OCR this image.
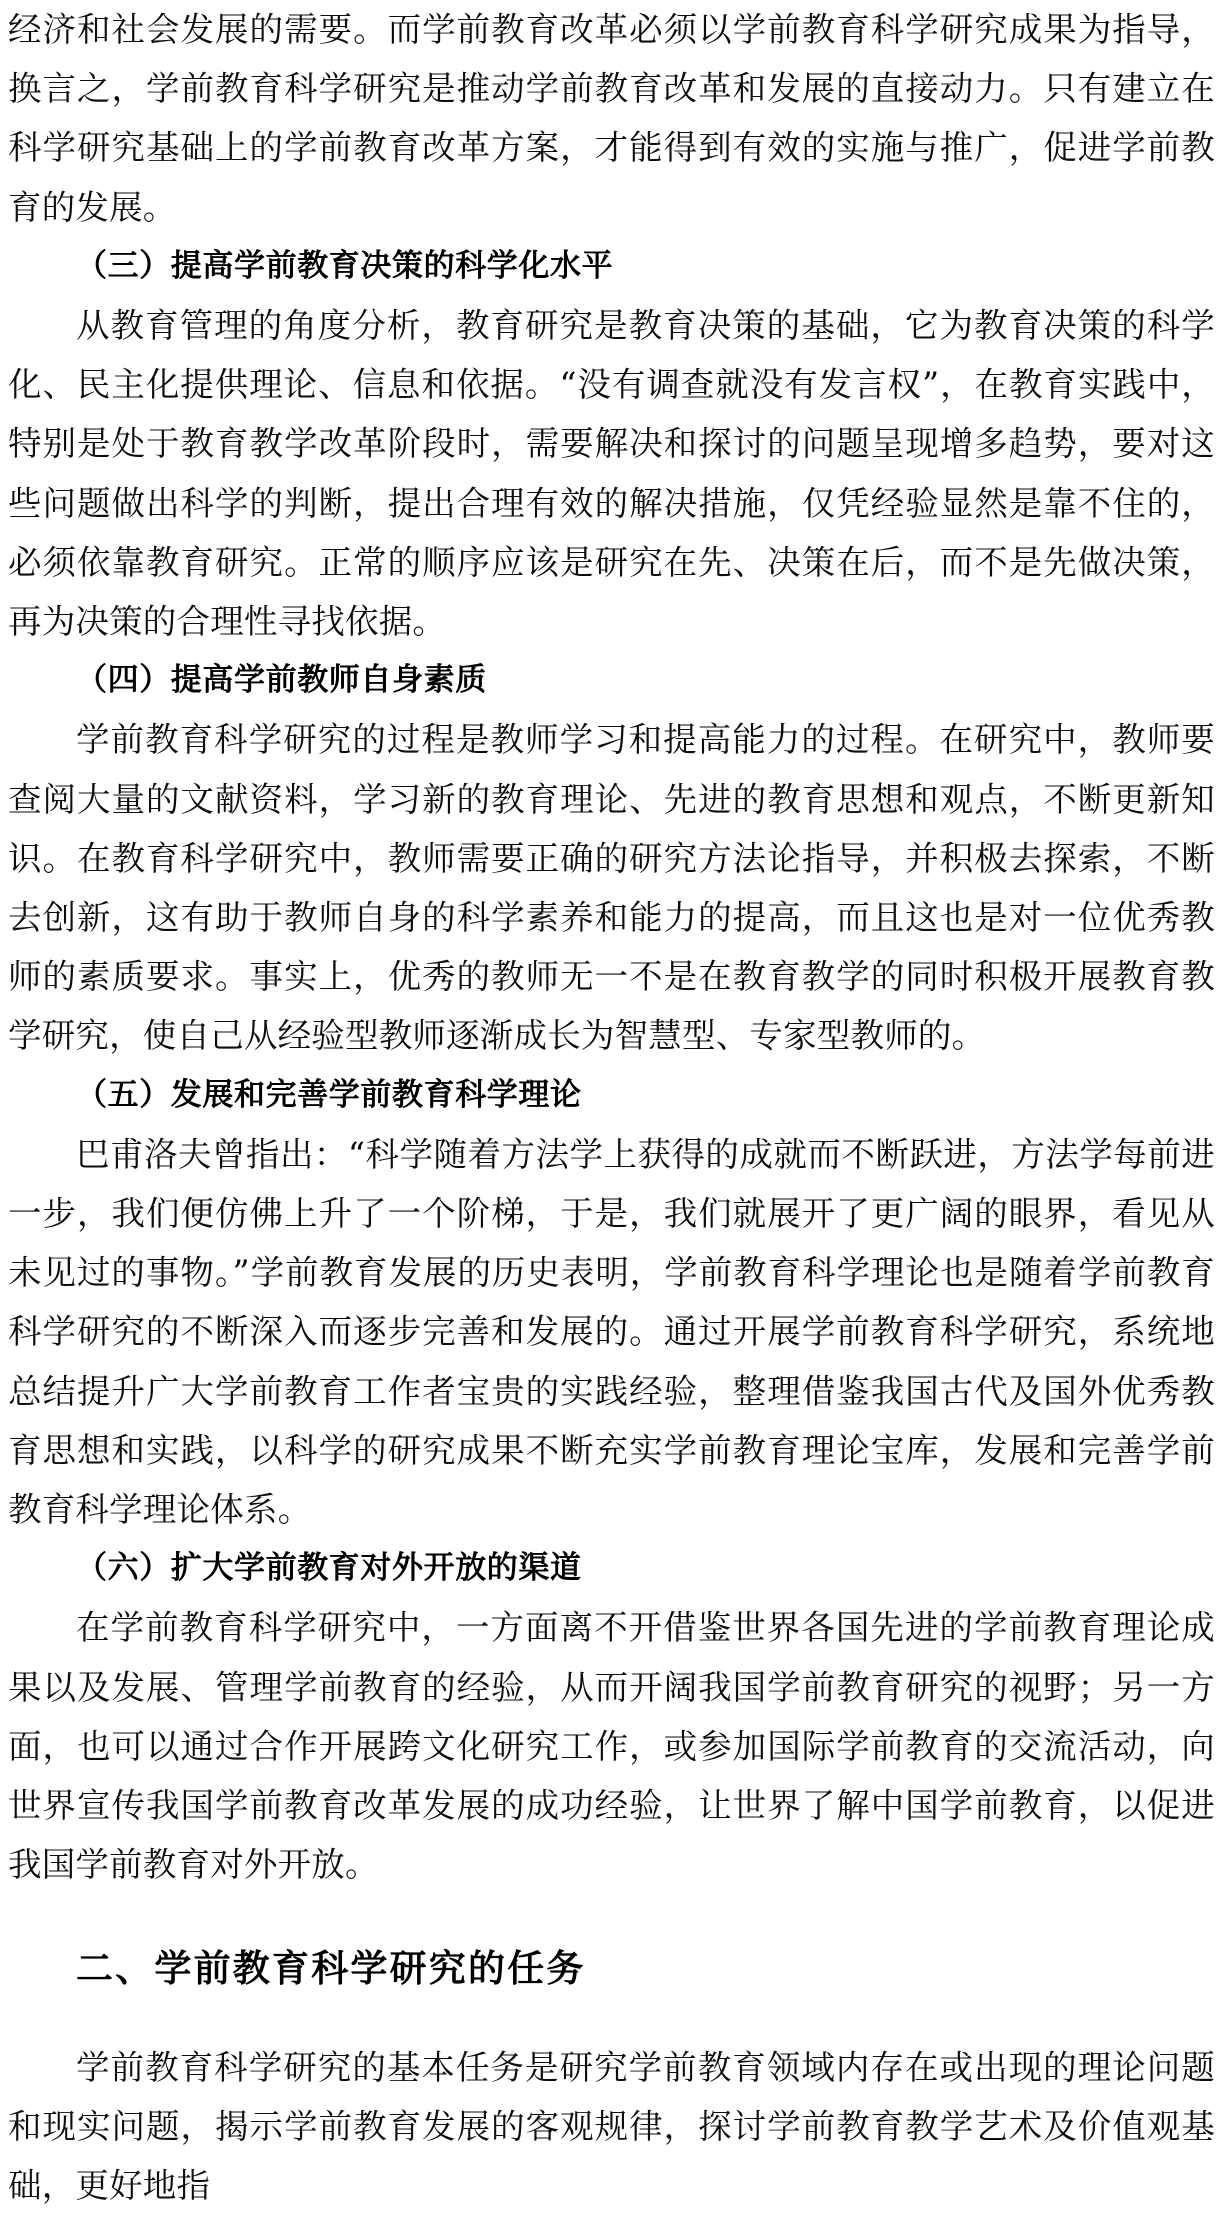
经济和社会发展的需要。而学前教育改革必须以学前教育科学研究成果为指导，换言之，学前教育科学研究是推动学前教育改革和发展的直接动力。只有建立在科学研究基础上的学前教育改革方案，才能得到有效的实施与推广，促进学前教育的发展。

（三）提高学前教育决策的科学化水平

从教育管理的角度分析，教育研究是教育决策的基础，它为教育决策的科学化、民主化提供理论、信息和依据。“没有调查就没有发言权”，在教育实践中，特别是处于教育教学改革阶段时，需要解决和探讨的问题呈现增多趋势，要对这些问题做出科学的判断，提出合理有效的解决措施，仅凭经验显然是靠不住的，必须依靠教育研究。正常的顺序应该是研究在先、决策在后，而不是先做决策，再为决策的合理性寻找依据。

（四）提高学前教师自身素质

学前教育科学研究的过程是教师学习和提高能力的过程。在研究中，教师要查阅大量的文献资料，学习新的教育理论、先进的教育思想和观点，不断更新知识。在教育科学研究中，教师需要正确的研究方法论指导，并积极去探索，不断去创新，这有助于教师自身的科学素养和能力的提高，而且这也是对一位优秀教师的素质要求。事实上，优秀的教师无一不是在教育教学的同时积极开展教育教学研究，使自己从经验型教师逐渐成长为智慧型、专家型教师的。

（五）发展和完善学前教育科学理论

巴甫洛夫曾指出：“科学随着方法学上获得的成就而不断跃进，方法学每前进一步，我们便仿佛上升了一个阶梯，于是，我们就展开了更广阔的眼界，看见从未见过的事物。”学前教育发展的历史表明，学前教育科学理论也是随着学前教育科学研究的不断深入而逐步完善和发展的。通过开展学前教育科学研究，系统地总结提升广大学前教育工作者宝贵的实践经验，整理借鉴我国古代及国外优秀教育思想和实践，以科学的研究成果不断充实学前教育理论宝库，发展和完善学前教育科学理论体系。

（六）扩大学前教育对外开放的渠道

在学前教育科学研究中，一方面离不开借鉴世界各国先进的学前教育理论成果以及发展、管理学前教育的经验，从而开阔我国学前教育研究的视野；另一方面，也可以通过合作开展跨文化研究工作，或参加国际学前教育的交流活动，向世界宣传我国学前教育改革发展的成功经验，让世界了解中国学前教育，以促进我国学前教育对外开放。

二、学前教育科学研究的任务

学前教育科学研究的基本任务是研究学前教育领域内存在或出现的理论问题和现实问题，揭示学前教育发展的客观规律，探讨学前教育教学艺术及价值观基础，更好地指
